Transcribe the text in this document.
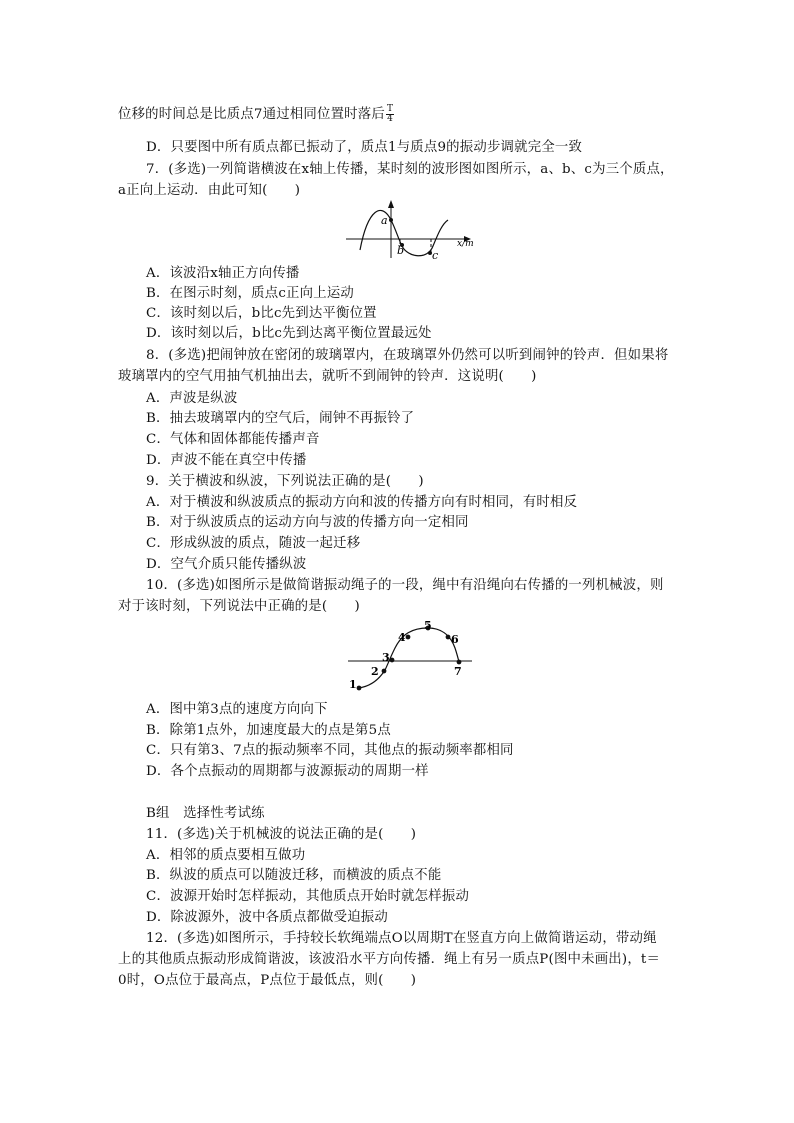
位移的时间总是比质点7通过相同位置时落后 $\frac{T}{4}$
D．只要图中所有质点都已振动了，质点1与质点9的振动步调就完全一致
7．(多选)一列简谐横波在x轴上传播，某时刻的波形图如图所示，a、b、c为三个质点，
a正向上运动．由此可知(　　)
a
b	c
x/m
A．该波沿x轴正方向传播
B．在图示时刻，质点c正向上运动
C．该时刻以后，b比c先到达平衡位置
D．该时刻以后，b比c先到达离平衡位置最远处
8．(多选)把闹钟放在密闭的玻璃罩内，在玻璃罩外仍然可以听到闹钟的铃声．但如果将
玻璃罩内的空气用抽气机抽出去，就听不到闹钟的铃声．这说明(　　)
A．声波是纵波
B．抽去玻璃罩内的空气后，闹钟不再振铃了
C．气体和固体都能传播声音
D．声波不能在真空中传播
9．关于横波和纵波，下列说法正确的是(　　)
A．对于横波和纵波质点的振动方向和波的传播方向有时相同，有时相反
B．对于纵波质点的运动方向与波的传播方向一定相同
C．形成纵波的质点，随波一起迁移
D．空气介质只能传播纵波
10．(多选)如图所示是做简谐振动绳子的一段，绳中有沿绳向右传播的一列机械波，则
对于该时刻，下列说法中正确的是(　　)
1
2
3
4
5
6
7
A．图中第3点的速度方向向下
B．除第1点外，加速度最大的点是第5点
C．只有第3、7点的振动频率不同，其他点的振动频率都相同
D．各个点振动的周期都与波源振动的周期一样
B组　选择性考试练
11．(多选)关于机械波的说法正确的是(　　)
A．相邻的质点要相互做功
B．纵波的质点可以随波迁移，而横波的质点不能
C．波源开始时怎样振动，其他质点开始时就怎样振动
D．除波源外，波中各质点都做受迫振动
12．(多选)如图所示，手持较长软绳端点O以周期T在竖直方向上做简谐运动，带动绳
上的其他质点振动形成简谐波，该波沿水平方向传播．绳上有另一质点P(图中未画出)，t＝
0时，O点位于最高点，P点位于最低点，则(　　)
